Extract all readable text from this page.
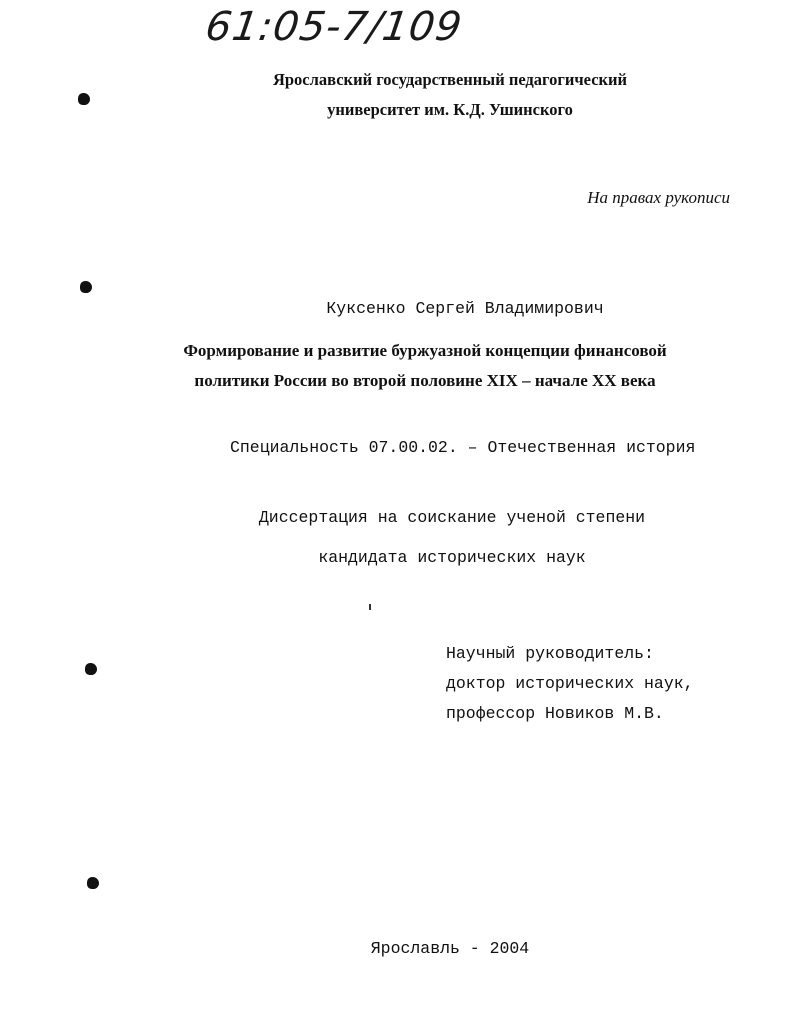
61:05-7/109
Ярославский государственный педагогический
университет им. К.Д. Ушинского
На правах рукописи
Куксенко Сергей Владимирович
Формирование и развитие буржуазной концепции финансовой
политики России во второй половине XIX – начале XX века
Специальность 07.00.02. – Отечественная история
Диссертация на соискание ученой степени
кандидата исторических наук
Научный руководитель:
доктор исторических наук,
профессор Новиков М.В.
Ярославль - 2004
